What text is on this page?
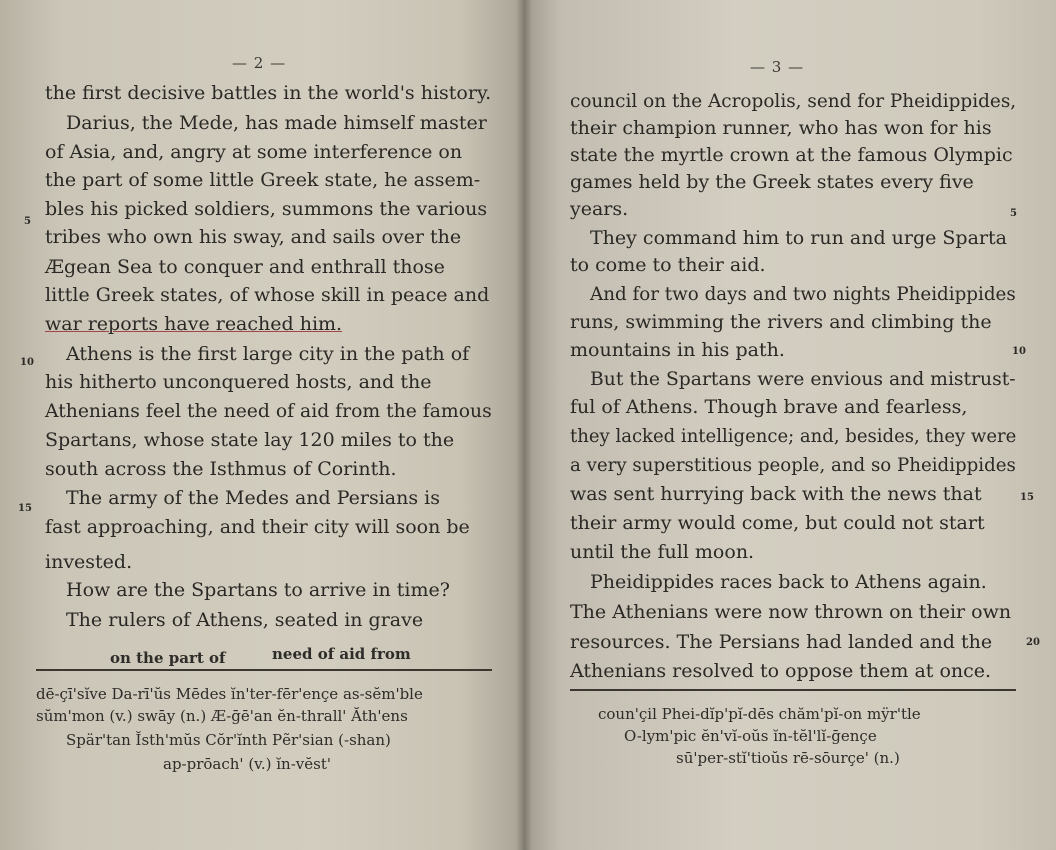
— 2 —
the first decisive battles in the world's history.
Darius, the Mede, has made himself master
of Asia, and, angry at some interference on
the part of some little Greek state, he assem-
bles his picked soldiers, summons the various
tribes who own his sway, and sails over the
Ægean Sea to conquer and enthrall those
little Greek states, of whose skill in peace and
war reports have reached him.
Athens is the first large city in the path of
his hitherto unconquered hosts, and the
Athenians feel the need of aid from the famous
Spartans, whose state lay 120 miles to the
south across the Isthmus of Corinth.
The army of the Medes and Persians is
fast approaching, and their city will soon be
invested.
How are the Spartans to arrive in time?
The rulers of Athens, seated in grave
5
10
15
on the part of	need of aid from
dē-çī'sĭve Da-rī'ŭs Mēdes ĭn'ter-fēr'ençe as-sĕm'ble
sŭm'mon (v.) swāy (n.) Æ-ḡē'an ĕn-thrall' Ăth'ens
Spär'tan Ĭsth'mŭs Cŏr'ĭnth Pẽr'sian (-shan)
ap-prōach' (v.) ĭn-vĕst'
— 3 —
council on the Acropolis, send for Pheidippides,
their champion runner, who has won for his
state the myrtle crown at the famous Olympic
games held by the Greek states every five
years.
They command him to run and urge Sparta
to come to their aid.
And for two days and two nights Pheidippides
runs, swimming the rivers and climbing the
mountains in his path.
But the Spartans were envious and mistrust-
ful of Athens. Though brave and fearless,
they lacked intelligence; and, besides, they were
a very superstitious people, and so Pheidippides
was sent hurrying back with the news that
their army would come, but could not start
until the full moon.
Pheidippides races back to Athens again.
The Athenians were now thrown on their own
resources. The Persians had landed and the
Athenians resolved to oppose them at once.
5
10
15
20
coun'çil Phei-dĭp'pĭ-dēs chăm'pĭ-on mÿr'tle
O-lym'pic ĕn'vĭ-oŭs ĭn-tĕl'lĭ-ḡençe
sū'per-stĭ'tioŭs rē-sōurçe' (n.)
